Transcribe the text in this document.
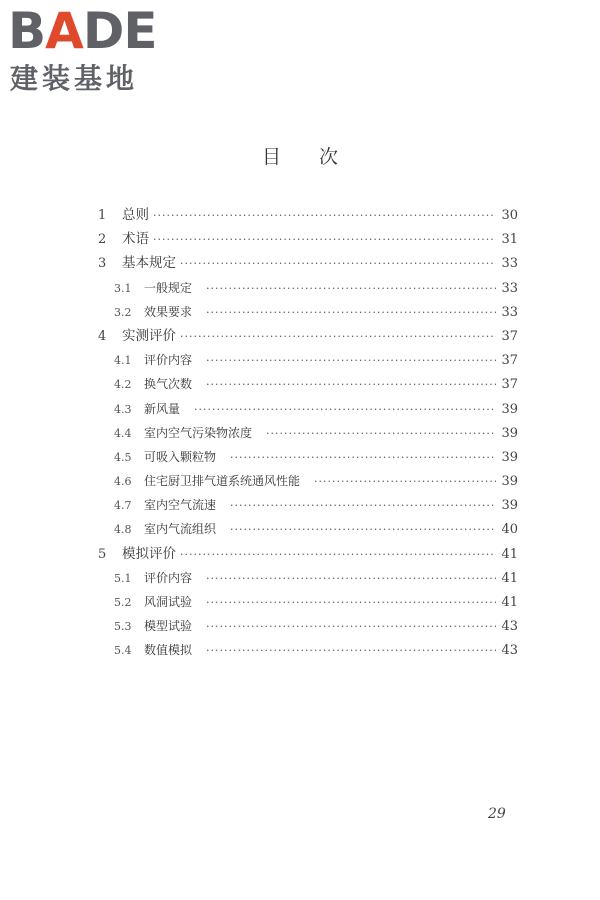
BADE
建装基地
目次
1	总则 ·····	30
2	术语 ·····	31
3	基本规定 ·····	33
3.1	一般规定 ·····	33
3.2	效果要求 ·····	33
4	实测评价 ·····	37
4.1	评价内容 ·····	37
4.2	换气次数 ·····	37
4.3	新风量 ·····	39
4.4	室内空气污染物浓度 ·····	39
4.5	可吸入颗粒物 ·····	39
4.6	住宅厨卫排气道系统通风性能 ·····	39
4.7	室内空气流速 ·····	39
4.8	室内气流组织 ·····	40
5	模拟评价 ·····	41
5.1	评价内容 ·····	41
5.2	风洞试验 ·····	41
5.3	模型试验 ·····	43
5.4	数值模拟 ·····	43
29
